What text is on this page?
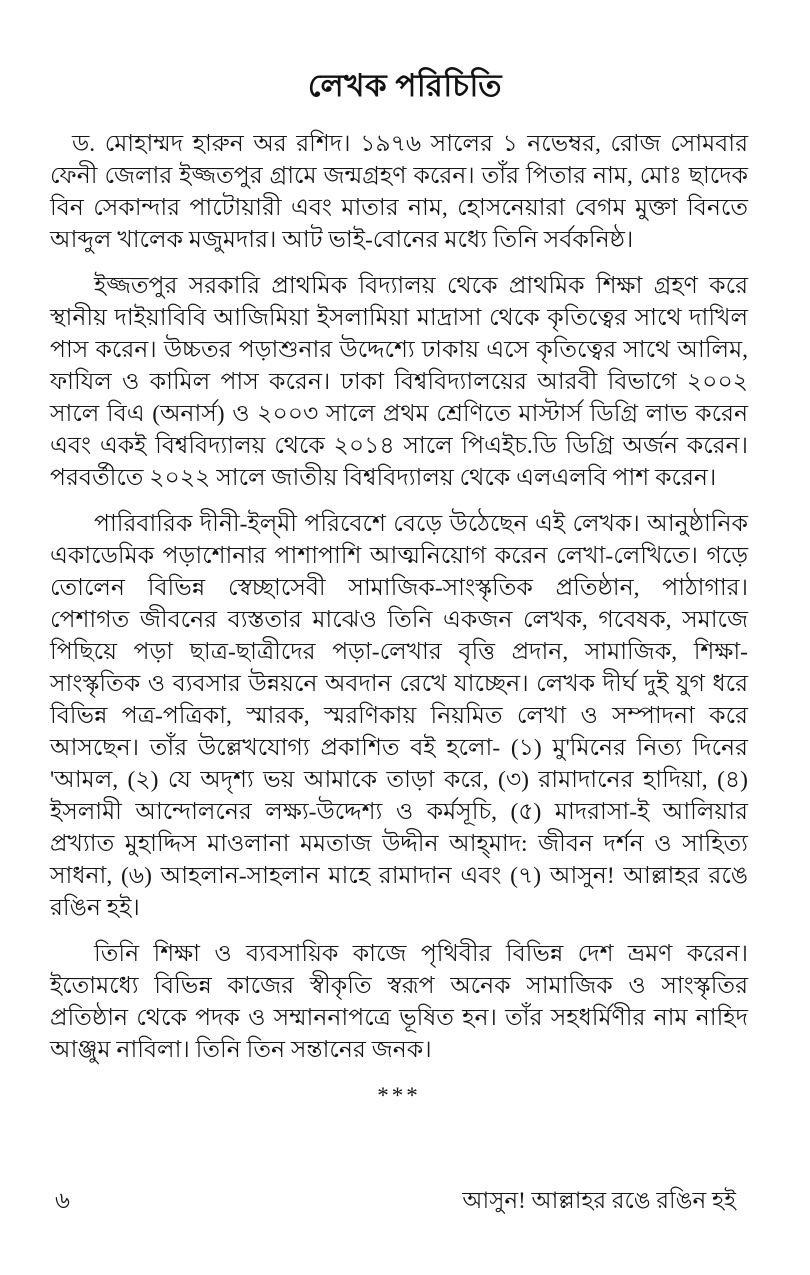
লেখক পরিচিতি

ড. মোহাম্মদ হারুন অর রশিদ। ১৯৭৬ সালের ১ নভেম্বর, রোজ সোমবার ফেনী জেলার ইজ্জতপুর গ্রামে জন্মগ্রহণ করেন। তাঁর পিতার নাম, মোঃ ছাদেক বিন সেকান্দার পাটোয়ারী এবং মাতার নাম, হোসনেয়ারা বেগম মুক্তা বিনতে আব্দুল খালেক মজুমদার। আট ভাই-বোনের মধ্যে তিনি সর্বকনিষ্ঠ।

ইজ্জতপুর সরকারি প্রাথমিক বিদ্যালয় থেকে প্রাথমিক শিক্ষা গ্রহণ করে স্থানীয় দাইয়াবিবি আজিমিয়া ইসলামিয়া মাদ্রাসা থেকে কৃতিত্বের সাথে দাখিল পাস করেন। উচ্চতর পড়াশুনার উদ্দেশ্যে ঢাকায় এসে কৃতিত্বের সাথে আলিম, ফাযিল ও কামিল পাস করেন। ঢাকা বিশ্ববিদ্যালয়ের আরবী বিভাগে ২০০২ সালে বিএ (অনার্স) ও ২০০৩ সালে প্রথম শ্রেণিতে মাস্টার্স ডিগ্রি লাভ করেন এবং একই বিশ্ববিদ্যালয় থেকে ২০১৪ সালে পিএইচ.ডি ডিগ্রি অর্জন করেন। পরবর্তীতে ২০২২ সালে জাতীয় বিশ্ববিদ্যালয় থেকে এলএলবি পাশ করেন।

পারিবারিক দীনী-ইল্‌মী পরিবেশে বেড়ে উঠেছেন এই লেখক। আনুষ্ঠানিক একাডেমিক পড়াশোনার পাশাপাশি আত্মনিয়োগ করেন লেখা-লেখিতে। গড়ে তোলেন বিভিন্ন স্বেচ্ছাসেবী সামাজিক-সাংস্কৃতিক প্রতিষ্ঠান, পাঠাগার। পেশাগত জীবনের ব্যস্ততার মাঝেও তিনি একজন লেখক, গবেষক, সমাজে পিছিয়ে পড়া ছাত্র-ছাত্রীদের পড়া-লেখার বৃত্তি প্রদান, সামাজিক, শিক্ষা-সাংস্কৃতিক ও ব্যবসার উন্নয়নে অবদান রেখে যাচ্ছেন। লেখক দীর্ঘ দুই যুগ ধরে বিভিন্ন পত্র-পত্রিকা, স্মারক, স্মরণিকায় নিয়মিত লেখা ও সম্পাদনা করে আসছেন। তাঁর উল্লেখযোগ্য প্রকাশিত বই হলো- (১) মু'মিনের নিত্য দিনের 'আমল, (২) যে অদৃশ্য ভয় আমাকে তাড়া করে, (৩) রামাদানের হাদিয়া, (৪) ইসলামী আন্দোলনের লক্ষ্য-উদ্দেশ্য ও কর্মসূচি, (৫) মাদরাসা-ই আলিয়ার প্রখ্যাত মুহাদ্দিস মাওলানা মমতাজ উদ্দীন আহ্‌মাদ: জীবন দর্শন ও সাহিত্য সাধনা, (৬) আহলান-সাহলান মাহে রামাদান এবং (৭) আসুন! আল্লাহর রঙে রঙিন হই।

তিনি শিক্ষা ও ব্যবসায়িক কাজে পৃথিবীর বিভিন্ন দেশ ভ্রমণ করেন। ইতোমধ্যে বিভিন্ন কাজের স্বীকৃতি স্বরূপ অনেক সামাজিক ও সাংস্কৃতির প্রতিষ্ঠান থেকে পদক ও সম্মাননাপত্রে ভূষিত হন। তাঁর সহধর্মিণীর নাম নাহিদ আঞ্জুম নাবিলা। তিনি তিন সন্তানের জনক।

***
৬	আসুন! আল্লাহর রঙে রঙিন হই
